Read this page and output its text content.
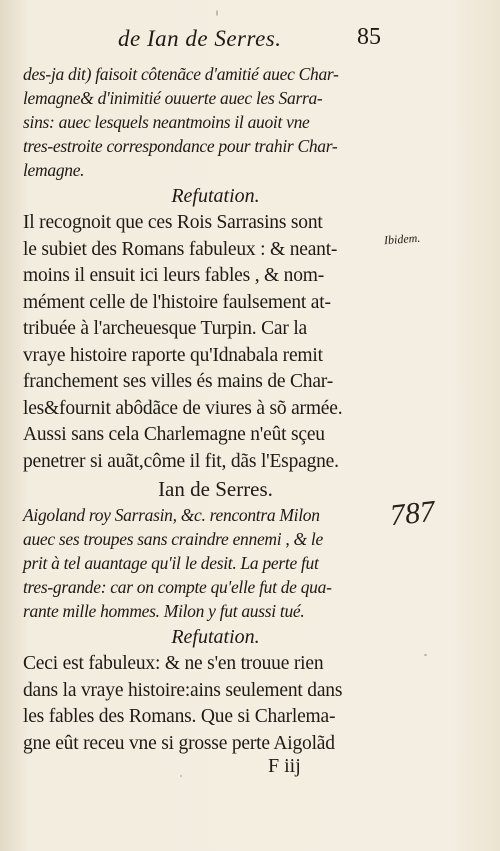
de Ian de Serres.	85
des-ja dit) faisoit côtenãce d'amitié auec Char-
lemagne& d'inimitié ouuerte auec les Sarra-
sins: auec lesquels neantmoins il auoit vne
tres-estroite correspondance pour trahir Char-
lemagne.
Refutation.
Il recognoit que ces Rois Sarrasins sont
le subiet des Romans fabuleux : & neant-
moins il ensuit ici leurs fables , & nom-
mément celle de l'histoire faulsement at-
tribuée à l'archeuesque Turpin. Car la
vraye histoire raporte qu'Idnabala remit
franchement ses villes és mains de Char-
les&fournit abôdãce de viures à sõ armée.
Aussi sans cela Charlemagne n'eût sçeu
penetrer si auãt,côme il fit, dãs l'Espagne.
Ian de Serres.
Aigoland roy Sarrasin, &c. rencontra Milon
auec ses troupes sans craindre ennemi , & le
prit à tel auantage qu'il le desit. La perte fut
tres-grande: car on compte qu'elle fut de qua-
rante mille hommes. Milon y fut aussi tué.
Refutation.
Ceci est fabuleux: & ne s'en trouue rien
dans la vraye histoire:ains seulement dans
les fables des Romans. Que si Charlema-
gne eût receu vne si grosse perte Aigolãd
Ibidem.
787
F iij
